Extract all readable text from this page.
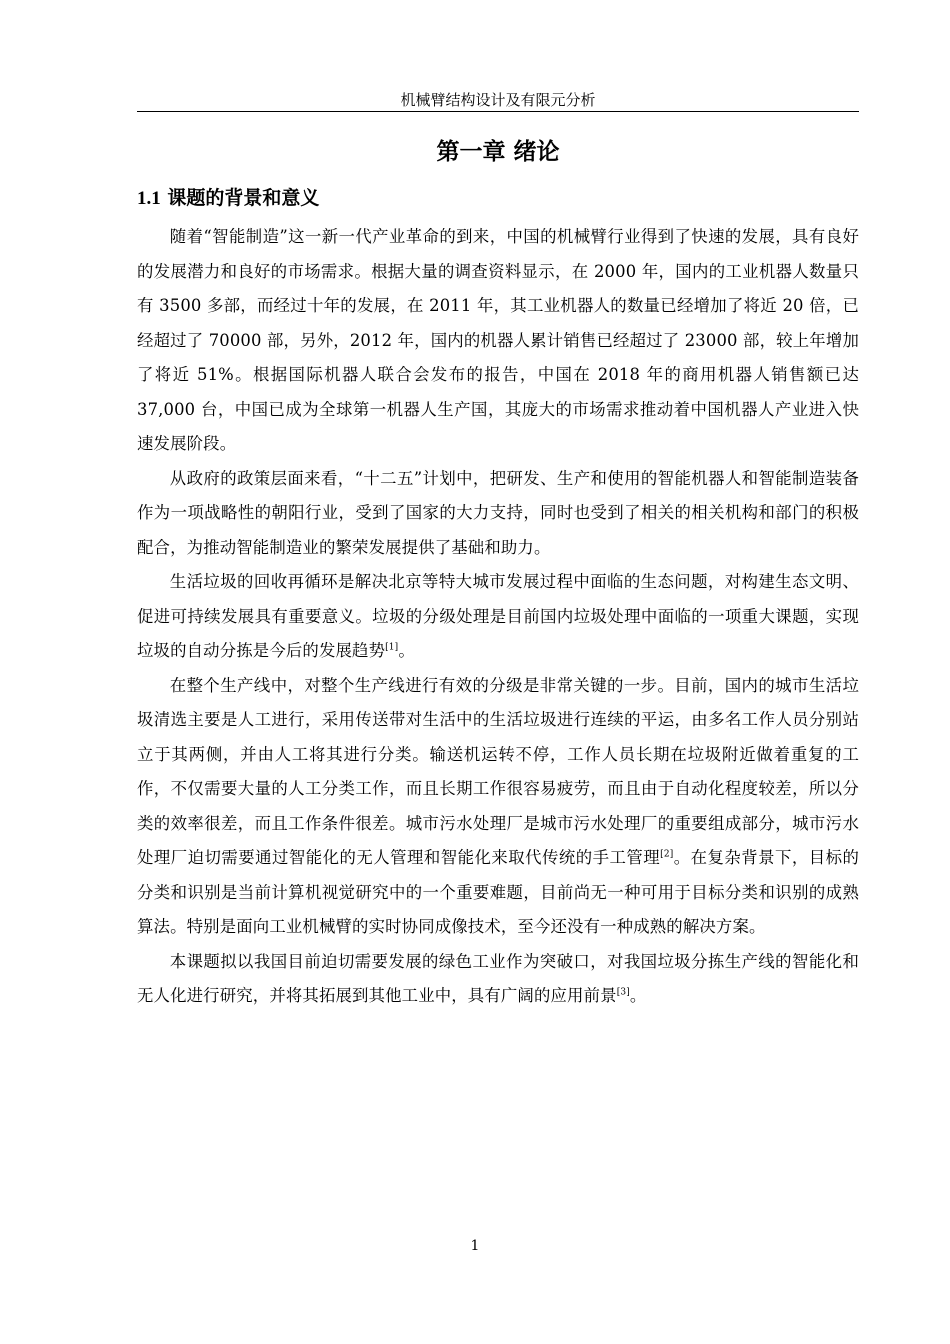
机械臂结构设计及有限元分析
第一章 绪论
1.1 课题的背景和意义

随着“智能制造”这一新一代产业革命的到来，中国的机械臂行业得到了快速的发展，具有良好的发展潜力和良好的市场需求。根据大量的调查资料显示，在 2000 年，国内的工业机器人数量只有 3500 多部，而经过十年的发展，在 2011 年，其工业机器人的数量已经增加了将近 20 倍，已经超过了 70000 部，另外，2012 年，国内的机器人累计销售已经超过了 23000 部，较上年增加了将近 51%。根据国际机器人联合会发布的报告，中国在 2018 年的商用机器人销售额已达 37,000 台，中国已成为全球第一机器人生产国，其庞大的市场需求推动着中国机器人产业进入快速发展阶段。

从政府的政策层面来看，“十二五”计划中，把研发、生产和使用的智能机器人和智能制造装备作为一项战略性的朝阳行业，受到了国家的大力支持，同时也受到了相关的相关机构和部门的积极配合，为推动智能制造业的繁荣发展提供了基础和助力。

生活垃圾的回收再循环是解决北京等特大城市发展过程中面临的生态问题，对构建生态文明、促进可持续发展具有重要意义。垃圾的分级处理是目前国内垃圾处理中面临的一项重大课题，实现垃圾的自动分拣是今后的发展趋势[1]。

在整个生产线中，对整个生产线进行有效的分级是非常关键的一步。目前，国内的城市生活垃圾清选主要是人工进行，采用传送带对生活中的生活垃圾进行连续的平运，由多名工作人员分别站立于其两侧，并由人工将其进行分类。输送机运转不停，工作人员长期在垃圾附近做着重复的工作，不仅需要大量的人工分类工作，而且长期工作很容易疲劳，而且由于自动化程度较差，所以分类的效率很差，而且工作条件很差。城市污水处理厂是城市污水处理厂的重要组成部分，城市污水处理厂迫切需要通过智能化的无人管理和智能化来取代传统的手工管理[2]。在复杂背景下，目标的分类和识别是当前计算机视觉研究中的一个重要难题，目前尚无一种可用于目标分类和识别的成熟算法。特别是面向工业机械臂的实时协同成像技术，至今还没有一种成熟的解决方案。

本课题拟以我国目前迫切需要发展的绿色工业作为突破口，对我国垃圾分拣生产线的智能化和无人化进行研究，并将其拓展到其他工业中，具有广阔的应用前景[3]。

1
